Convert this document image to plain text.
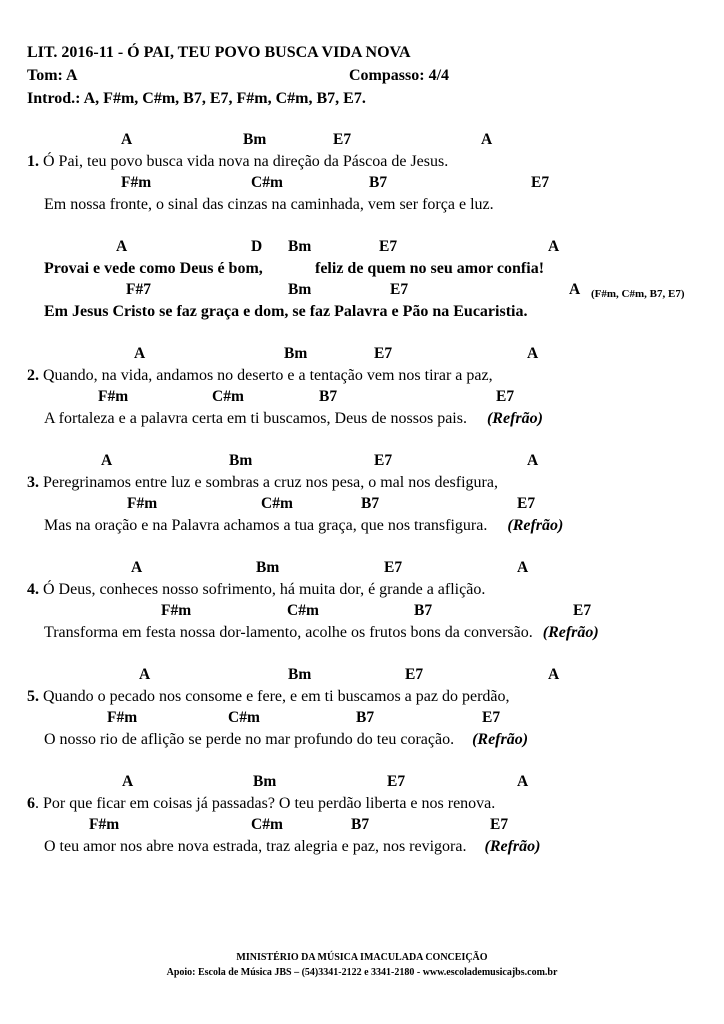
LIT. 2016-11 - Ó PAI, TEU POVO BUSCA VIDA NOVA
Tom: A	Compasso: 4/4
Introd.: A, F#m, C#m, B7, E7, F#m, C#m, B7, E7.
A	Bm	E7	A
1. Ó Pai, teu povo busca vida nova na direção da Páscoa de Jesus.
F#m	C#m	B7	E7
Em nossa fronte, o sinal das cinzas na caminhada, vem ser força e luz.
A	D Bm	E7	A
Provai e vede como Deus é bom,	feliz de quem no seu amor confia!
F#7	Bm	E7	A (F#m, C#m, B7, E7)
Em Jesus Cristo se faz graça e dom, se faz Palavra e Pão na Eucaristia.
A	Bm	E7	A
2. Quando, na vida, andamos no deserto e a tentação vem nos tirar a paz,
F#m	C#m	B7	E7
A fortaleza e a palavra certa em ti buscamos, Deus de nossos pais. (Refrão)
A	Bm	E7	A
3. Peregrinamos entre luz e sombras a cruz nos pesa, o mal nos desfigura,
F#m	C#m	B7	E7
Mas na oração e na Palavra achamos a tua graça, que nos transfigura. (Refrão)
A	Bm	E7	A
4. Ó Deus, conheces nosso sofrimento, há muita dor, é grande a aflição.
F#m	C#m	B7	E7
Transforma em festa nossa dor-lamento, acolhe os frutos bons da conversão. (Refrão)
A	Bm	E7	A
5. Quando o pecado nos consome e fere, e em ti buscamos a paz do perdão,
F#m	C#m	B7	E7
O nosso rio de aflição se perde no mar profundo do teu coração. (Refrão)
A	Bm	E7	A
6. Por que ficar em coisas já passadas? O teu perdão liberta e nos renova.
F#m	C#m	B7	E7
O teu amor nos abre nova estrada, traz alegria e paz, nos revigora. (Refrão)
MINISTÉRIO DA MÚSICA IMACULADA CONCEIÇÃO
Apoio: Escola de Música JBS – (54)3341-2122 e 3341-2180 - www.escolademusicajbs.com.br
